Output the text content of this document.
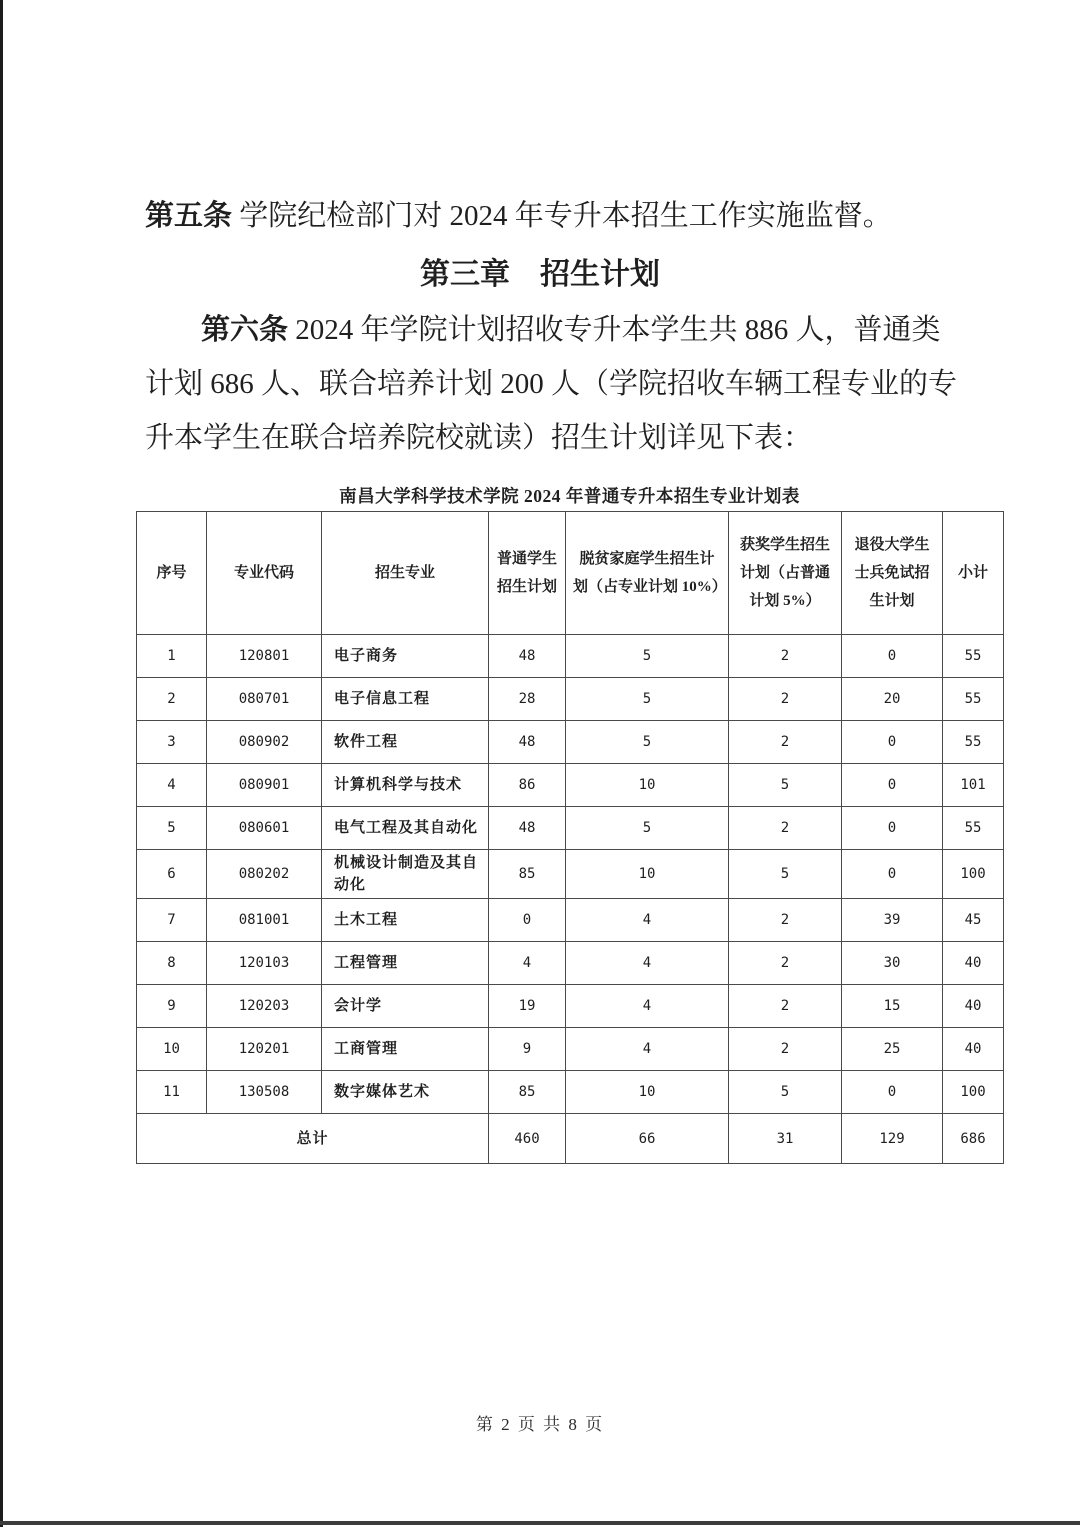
第五条 学院纪检部门对 2024 年专升本招生工作实施监督。
第三章　招生计划
第六条 2024 年学院计划招收专升本学生共 886 人，普通类
计划 686 人、联合培养计划 200 人（学院招收车辆工程专业的专
升本学生在联合培养院校就读）招生计划详见下表：
南昌大学科学技术学院 2024 年普通专升本招生专业计划表
序号	专业代码	招生专业	普通学生招生计划	脱贫家庭学生招生计划（占专业计划 10%）	获奖学生招生计划（占普通计划 5%）	退役大学生士兵免试招生计划	小计
1	120801	电子商务	48	5	2	0	55
2	080701	电子信息工程	28	5	2	20	55
3	080902	软件工程	48	5	2	0	55
4	080901	计算机科学与技术	86	10	5	0	101
5	080601	电气工程及其自动化	48	5	2	0	55
6	080202	机械设计制造及其自动化	85	10	5	0	100
7	081001	土木工程	0	4	2	39	45
8	120103	工程管理	4	4	2	30	40
9	120203	会计学	19	4	2	15	40
10	120201	工商管理	9	4	2	25	40
11	130508	数字媒体艺术	85	10	5	0	100
总计			460	66	31	129	686
第 2 页 共 8 页
